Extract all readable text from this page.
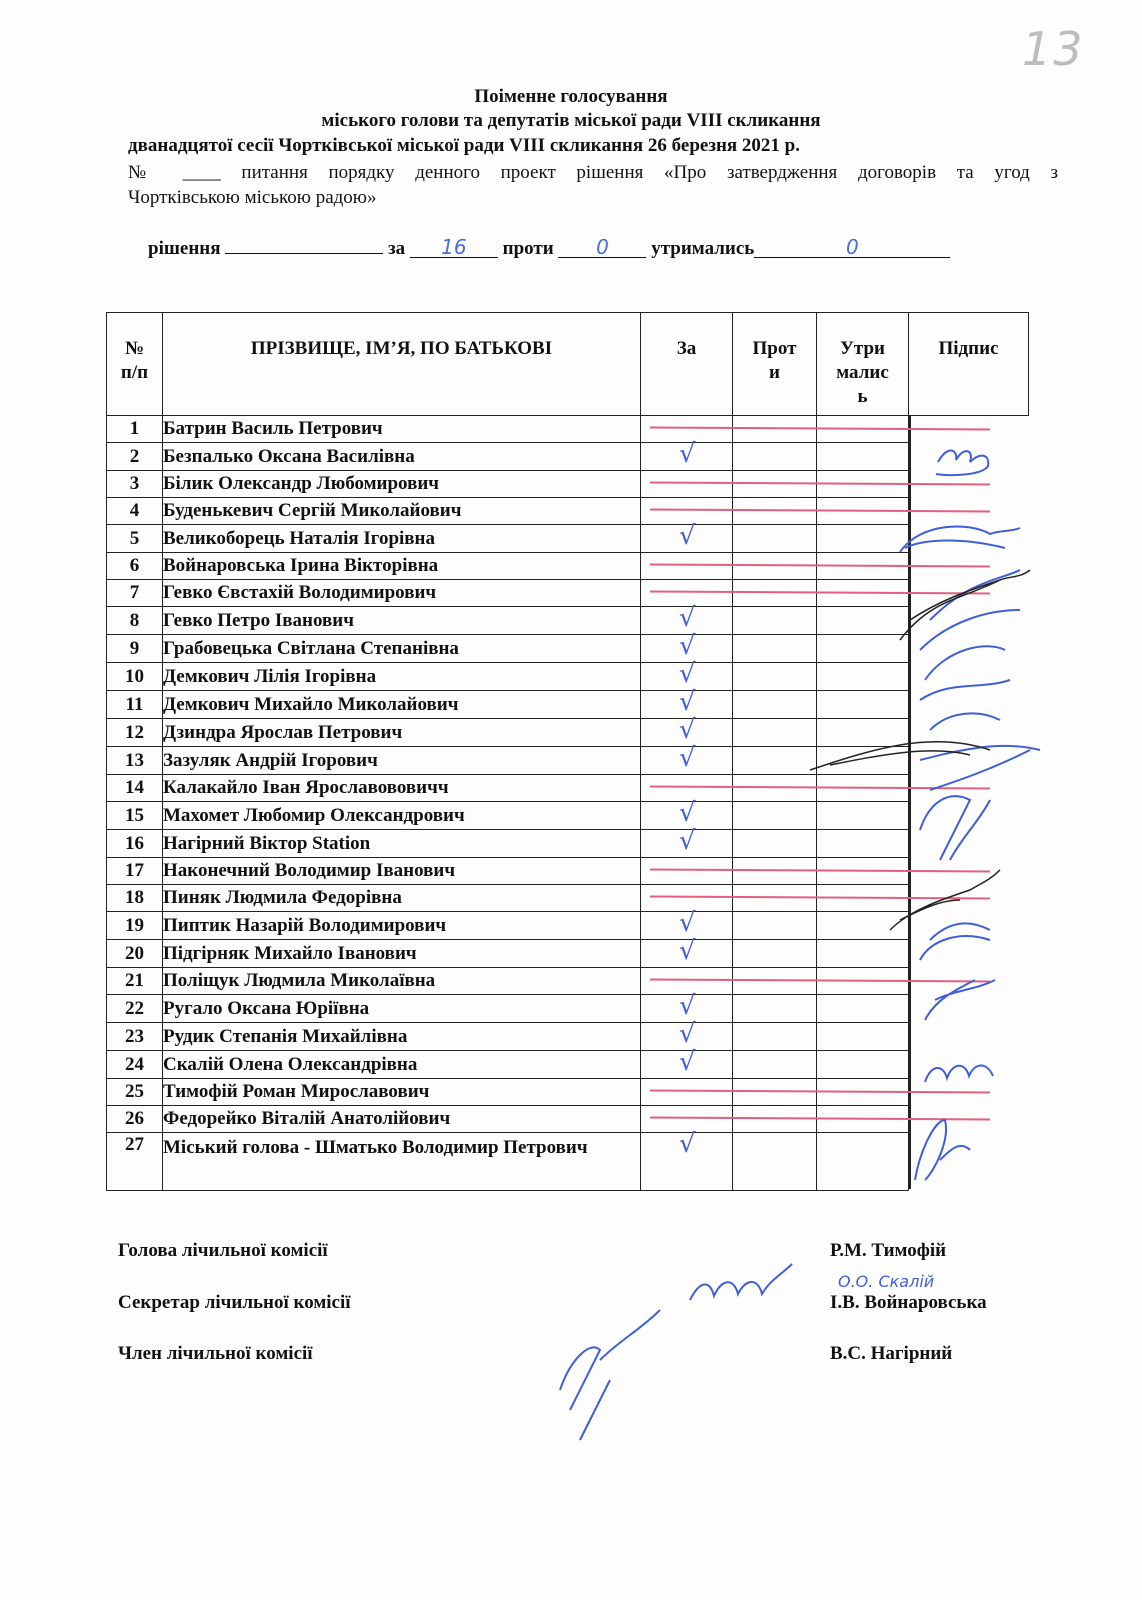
13
Поіменне голосування
міського голови та депутатів міської ради VIII скликання
дванадцятої сесії Чортківської міської ради VIII скликання 26 березня 2021 р.
№ ____ питання порядку денного проект рішення «Про затвердження договорів та угод з
Чортківською міською радою»
рішення	за 16 проти 0 утримались	0
№ п/п	ПРІЗВИЩЕ, ІМ’Я, ПО БАТЬКОВІ	За	Прот и	Утри малис ь	Підпис
1	Батрин Василь Петрович				

2	Безпалько Оксана Василівна	√			

3	Білик Олександр Любомирович				

4	Буденькевич Сергій Миколайович				

5	Великоборець Наталія Ігорівна	√			

6	Войнаровська Ірина Вікторівна				

7	Гевко Євстахій Володимирович				

8	Гевко Петро Іванович	√			

9	Грабовецька Світлана Степанівна	√			

10	Демкович Лілія Ігорівна	√			

11	Демкович Михайло Миколайович	√			

12	Дзиндра Ярослав Петрович	√			

13	Зазуляк Андрій Ігорович	√			

14	Калакайло Іван Ярославововичч				

15	Махомет Любомир Олександрович	√			

16	Нагірний Віктор Station	√			

17	Наконечний Володимир Іванович				

18	Пиняк Людмила Федорівна				

19	Пиптик Назарій Володимирович	√			

20	Підгірняк Михайло Іванович	√			

21	Поліщук Людмила Миколаївна				

22	Ругало Оксана Юріївна	√			

23	Рудик Степанія Михайлівна	√			

24	Скалій Олена Олександрівна	√			

25	Тимофій Роман Мирославович				

26	Федорейко Віталій Анатолійович				

27	Міський голова - Шматько Володимир Петрович	√			
Голова лічильної комісії	Р.М. Тимофій
Секретар лічильної комісії
О.О. Скалій
І.В. Войнаровська
Член лічильної комісії	В.С. Нагірний
